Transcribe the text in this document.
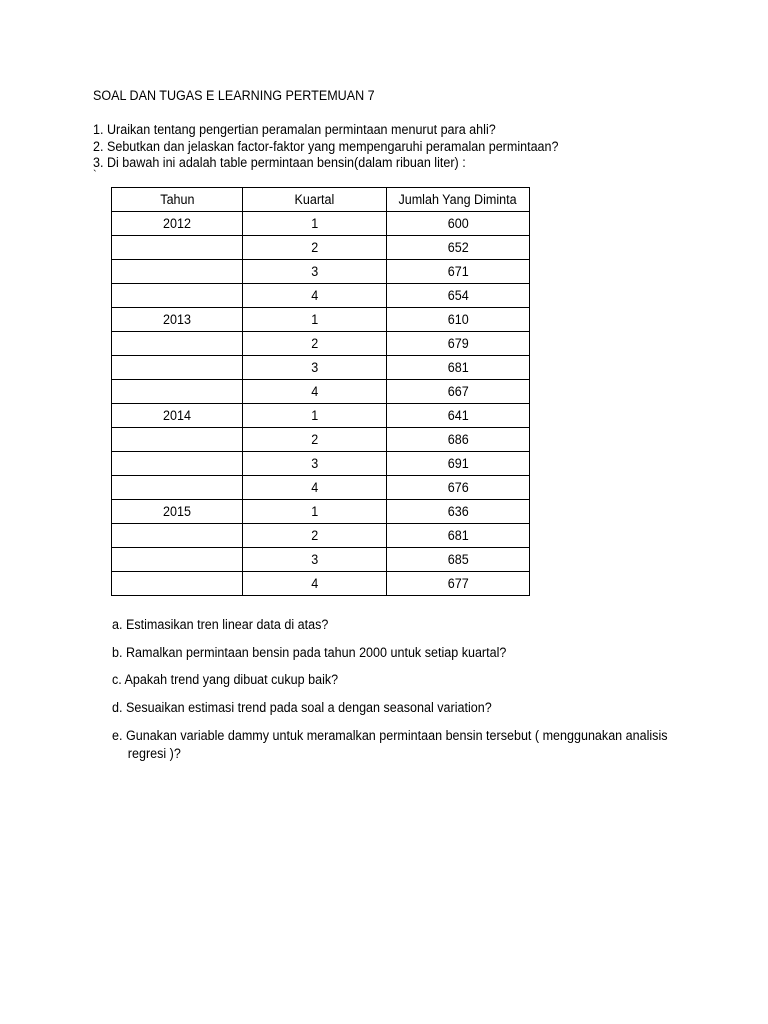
SOAL DAN TUGAS E LEARNING PERTEMUAN 7
1. Uraikan tentang pengertian peramalan permintaan menurut para ahli?
2. Sebutkan dan jelaskan factor-faktor yang mempengaruhi peramalan permintaan?
3. Di bawah ini adalah table permintaan bensin(dalam ribuan liter) :
`
Tahun	Kuartal	Jumlah Yang Diminta
2012	1	600
	2	652
	3	671
	4	654
2013	1	610
	2	679
	3	681
	4	667
2014	1	641
	2	686
	3	691
	4	676
2015	1	636
	2	681
	3	685
	4	677
a. Estimasikan tren linear data di atas?
b. Ramalkan permintaan bensin pada tahun 2000 untuk setiap kuartal?
c. Apakah trend yang dibuat cukup baik?
d. Sesuaikan estimasi trend pada soal a dengan seasonal variation?
e. Gunakan variable dammy untuk meramalkan permintaan bensin tersebut ( menggunakan analisis
regresi )?
